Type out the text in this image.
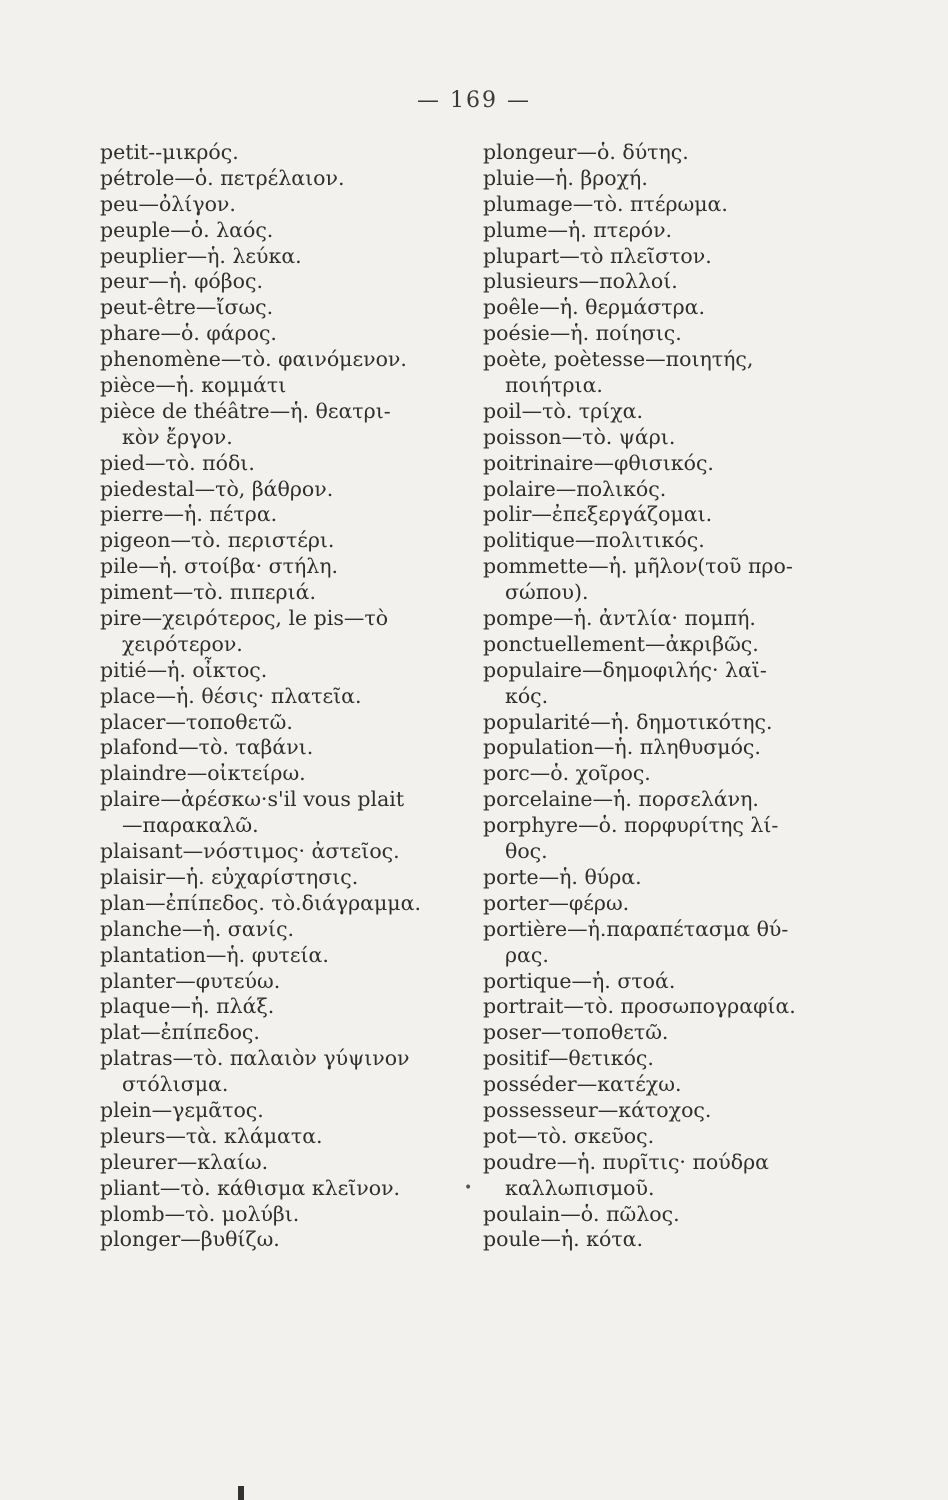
— 169 —
petit--μικρός.
pétrole—ὁ. πετρέλαιον.
peu—ὀλίγον.
peuple—ὁ. λαός.
peuplier—ἡ. λεύκα.
peur—ἡ. φόβος.
peut-être—ἴσως.
phare—ὁ. φάρος.
phenomène—τὸ. φαινόμενον.
pièce—ἡ. κομμάτι
pièce de théâtre—ἡ. θεατρι-
κὸν ἔργον.
pied—τὸ. πόδι.
piedestal—τὸ, βάθρον.
pierre—ἡ. πέτρα.
pigeon—τὸ. περιστέρι.
pile—ἡ. στοίβα· στήλη.
piment—τὸ. πιπεριά.
pire—χειρότερος, le pis—τὸ
χειρότερον.
pitié—ἡ. οἶκτος.
place—ἡ. θέσις· πλατεῖα.
placer—τοποθετῶ.
plafond—τὸ. ταβάνι.
plaindre—οἰκτείρω.
plaire—ἀρέσκω·s'il vous plait
—παρακαλῶ.
plaisant—νόστιμος· ἀστεῖος.
plaisir—ἡ. εὐχαρίστησις.
plan—ἐπίπεδος. τὸ.διάγραμμα.
planche—ἡ. σανίς.
plantation—ἡ. φυτεία.
planter—φυτεύω.
plaque—ἡ. πλάξ.
plat—ἐπίπεδος.
platras—τὸ. παλαιὸν γύψινον
στόλισμα.
plein—γεμᾶτος.
pleurs—τὰ. κλάματα.
pleurer—κλαίω.
pliant—τὸ. κάθισμα κλεῖνον.
plomb—τὸ. μολύβι.
plonger—βυθίζω.
plongeur—ὁ. δύτης.
pluie—ἡ. βροχή.
plumage—τὸ. πτέρωμα.
plume—ἡ. πτερόν.
plupart—τὸ πλεῖστον.
plusieurs—πολλοί.
poêle—ἡ. θερμάστρα.
poésie—ἡ. ποίησις.
poète, poètesse—ποιητής,
ποιήτρια.
poil—τὸ. τρίχα.
poisson—τὸ. ψάρι.
poitrinaire—φθισικός.
polaire—πολικός.
polir—ἐπεξεργάζομαι.
politique—πολιτικός.
pommette—ἡ. μῆλον(τοῦ προ-
σώπου).
pompe—ἡ. ἀντλία· πομπή.
ponctuellement—ἀκριβῶς.
populaire—δημοφιλής· λαϊ-
κός.
popularité—ἡ. δημοτικότης.
population—ἡ. πληθυσμός.
porc—ὁ. χοῖρος.
porcelaine—ἡ. πορσελάνη.
porphyre—ὁ. πορφυρίτης λί-
θος.
porte—ἡ. θύρα.
porter—φέρω.
portière—ἡ.παραπέτασμα θύ-
ρας.
portique—ἡ. στοά.
portrait—τὸ. προσωπογραφία.
poser—τοποθετῶ.
positif—θετικός.
posséder—κατέχω.
possesseur—κάτοχος.
pot—τὸ. σκεῦος.
poudre—ἡ. πυρῖτις· πούδρα
καλλωπισμοῦ.
poulain—ὁ. πῶλος.
poule—ἡ. κότα.
•
